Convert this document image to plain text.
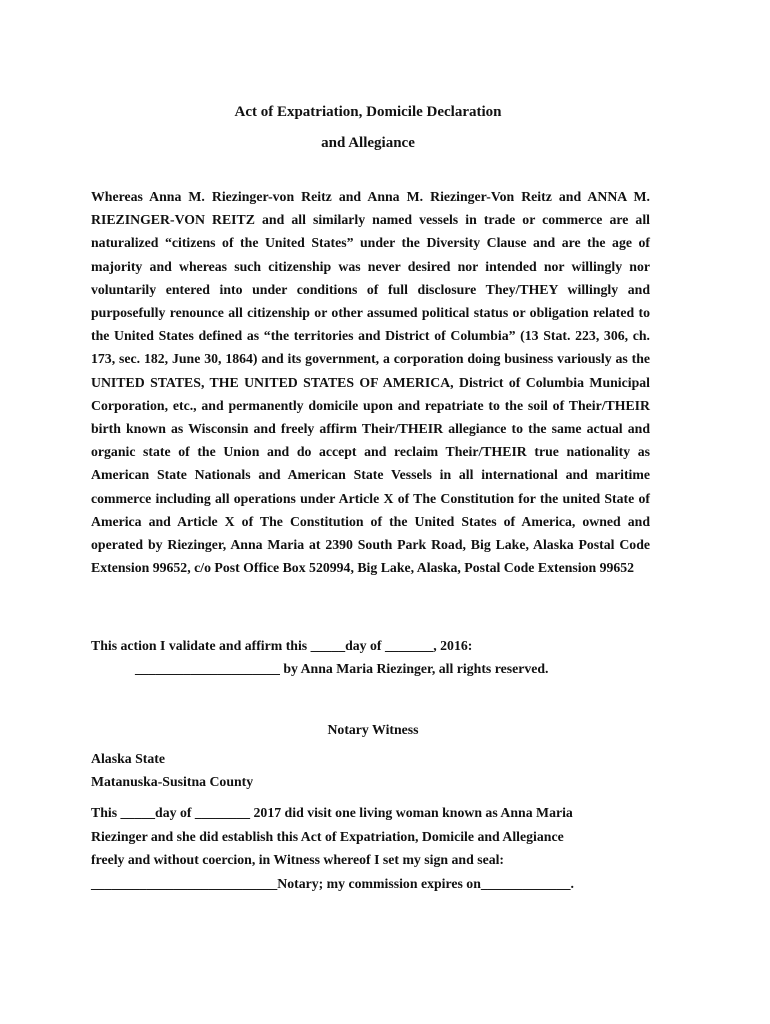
Act of Expatriation, Domicile Declaration
and Allegiance

Whereas Anna M. Riezinger-von Reitz and Anna M. Riezinger-Von Reitz and ANNA M. RIEZINGER-VON REITZ and all similarly named vessels in trade or commerce are all naturalized “citizens of the United States” under the Diversity Clause and are the age of majority and whereas such citizenship was never desired nor intended nor willingly nor voluntarily entered into under conditions of full disclosure They/THEY willingly and purposefully renounce all citizenship or other assumed political status or obligation related to the United States defined as “the territories and District of Columbia” (13 Stat. 223, 306, ch. 173, sec. 182, June 30, 1864) and its government, a corporation doing business variously as the UNITED STATES, THE UNITED STATES OF AMERICA, District of Columbia Municipal Corporation, etc., and permanently domicile upon and repatriate to the soil of Their/THEIR birth known as Wisconsin and freely affirm Their/THEIR allegiance to the same actual and organic state of the Union and do accept and reclaim Their/THEIR true nationality as American State Nationals and American State Vessels in all international and maritime commerce including all operations under Article X of The Constitution for the united State of America and Article X of The Constitution of the United States of America, owned and operated by Riezinger, Anna Maria at 2390 South Park Road, Big Lake, Alaska Postal Code Extension 99652, c/o Post Office Box 520994, Big Lake, Alaska, Postal Code Extension 99652

This action I validate and affirm this _____day of _______, 2016:

_____________________ by Anna Maria Riezinger, all rights reserved.

Notary Witness

Alaska State

Matanuska-Susitna County

This _____day of ________ 2017 did visit one living woman known as Anna Maria
Riezinger and she did establish this Act of Expatriation, Domicile and Allegiance
freely and without coercion, in Witness whereof I set my sign and seal:
___________________________Notary; my commission expires on_____________.
